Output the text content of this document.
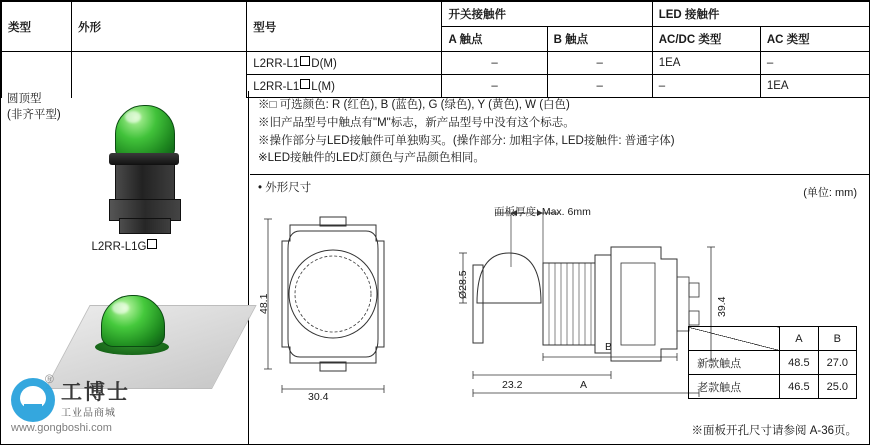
类型	外形	型号	开关接触件		LED 接触件	
			A 触点	B 触点	AC/DC 类型	AC 类型
		L2RR-L1 D(M)	–	–	1EA	–
		L2RR-L1 L(M)	–	–	–	1EA
※□ 可选颜色: R (红色), B (蓝色), G (绿色), Y (黄色), W (白色)
※旧产品型号中触点有"M"标志，新产品型号中没有这个标志。
※操作部分与LED接触件可单独购买。(操作部分: 加粗字体, LED接触件: 普通字体)
※LED接触件的LED灯颜色与产品颜色相同。
• 外形尺寸	(单位: mm)
圆顶型
(非齐平型)
L2RR-L1G
48.1
30.4
面板厚度: Max. 6mm
Ø28.5
39.4
23.2
B
A
	A	B
新款触点	48.5	27.0
老款触点	46.5	25.0
※面板开孔尺寸请参阅 A-36页。
®
工博士
工业品商城
www.gongboshi.com
